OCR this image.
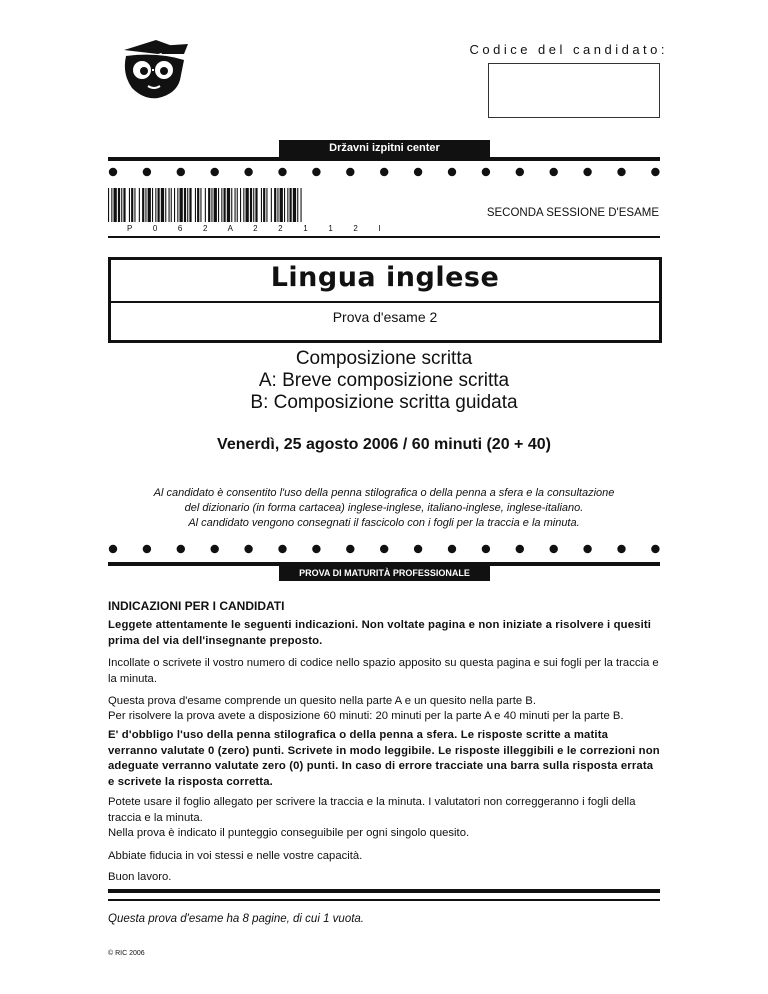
Codice del candidato:
Državni izpitni center
P 0 6 2 A 2 2 1 1 2 I
SECONDA SESSIONE D'ESAME
Lingua inglese
Prova d'esame 2
Composizione scritta
A: Breve composizione scritta
B: Composizione scritta guidata
Venerdì, 25 agosto 2006 / 60 minuti (20 + 40)
Al candidato è consentito l'uso della penna stilografica o della penna a sfera e la consultazione
del dizionario (in forma cartacea) inglese-inglese, italiano-inglese, inglese-italiano.
Al candidato vengono consegnati il fascicolo con i fogli per la traccia e la minuta.
PROVA DI MATURITÀ PROFESSIONALE
INDICAZIONI PER I CANDIDATI
Leggete attentamente le seguenti indicazioni. Non voltate pagina e non iniziate a risolvere i quesiti prima del via dell'insegnante preposto.
Incollate o scrivete il vostro numero di codice nello spazio apposito su questa pagina e sui fogli per la traccia e la minuta.
Questa prova d'esame comprende un quesito nella parte A e un quesito nella parte B.
Per risolvere la prova avete a disposizione 60 minuti: 20 minuti per la parte A e 40 minuti per la parte B.
E' d'obbligo l'uso della penna stilografica o della penna a sfera. Le risposte scritte a matita verranno valutate 0 (zero) punti. Scrivete in modo leggibile. Le risposte illeggibili e le correzioni non adeguate verranno valutate zero (0) punti. In caso di errore tracciate una barra sulla risposta errata e scrivete la risposta corretta.
Potete usare il foglio allegato per scrivere la traccia e la minuta. I valutatori non correggeranno i fogli della traccia e la minuta.
Nella prova è indicato il punteggio conseguibile per ogni singolo quesito.
Abbiate fiducia in voi stessi e nelle vostre capacità.
Buon lavoro.
Questa prova d'esame ha 8 pagine, di cui 1 vuota.
© RIC 2006
